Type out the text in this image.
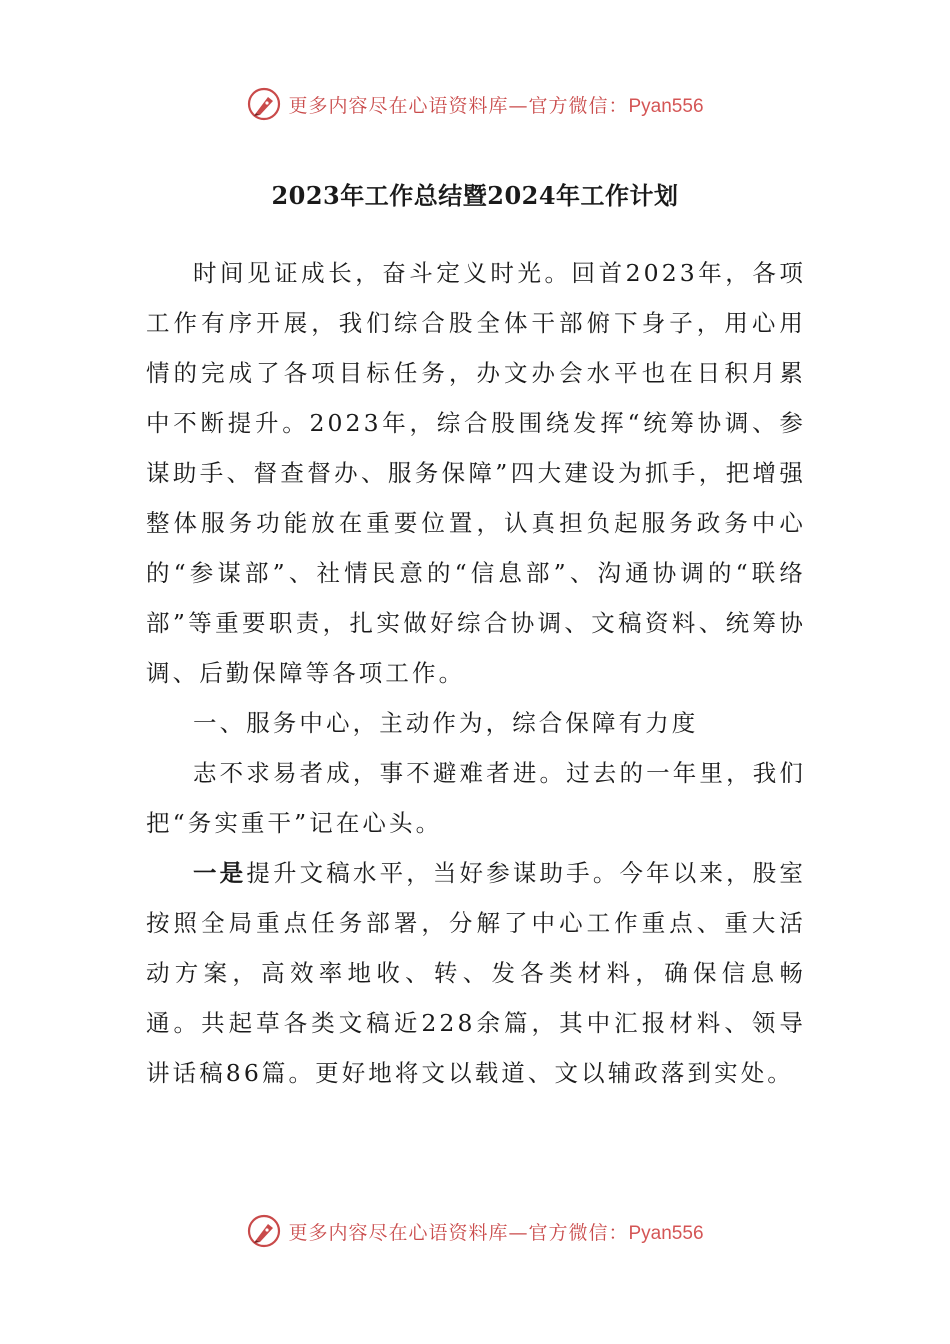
更多内容尽在心语资料库—官方微信：Pyan556
2023年工作总结暨2024年工作计划

时间见证成长，奋斗定义时光。回首2023年，各项工作有序开展，我们综合股全体干部俯下身子，用心用情的完成了各项目标任务，办文办会水平也在日积月累中不断提升。2023年，综合股围绕发挥“统筹协调、参谋助手、督查督办、服务保障”四大建设为抓手，把增强整体服务功能放在重要位置，认真担负起服务政务中心的“参谋部”、社情民意的“信息部”、沟通协调的“联络部”等重要职责，扎实做好综合协调、文稿资料、统筹协调、后勤保障等各项工作。

一、服务中心，主动作为，综合保障有力度

志不求易者成，事不避难者进。过去的一年里，我们把“务实重干”记在心头。

一是提升文稿水平，当好参谋助手。今年以来，股室按照全局重点任务部署，分解了中心工作重点、重大活动方案，高效率地收、转、发各类材料，确保信息畅通。共起草各类文稿近228余篇，其中汇报材料、领导讲话稿86篇。更好地将文以载道、文以辅政落到实处。

更多内容尽在心语资料库—官方微信：Pyan556
